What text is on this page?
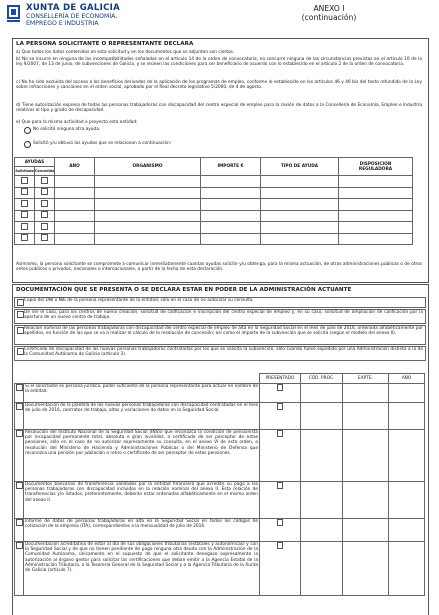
XUNTA DE GALICIA
CONSELLERÍA DE ECONOMÍA,
EMPREGO E INDUSTRIA
ANEXO I
(continuación)
LA PERSONA SOLICITANTE O REPRESENTANTE DECLARA
a) Que todos los datos contenidos en esta solicitud y en los documentos que se adjuntan son ciertos.
b) No se incurre en ninguna de las incompatibilidades señaladas en el artículo 14 de la orden de convocatoria, no concurre ninguna de las circunstancias previstas en el artículo 10 de la ley 9/2007, de 13 de junio, de subvenciones de Galicia, y se reúnen las condiciones para ser beneficiario de acuerdo con lo establecido en el artículo 2 de la orden de convocatoria.
c) No ha sido excluida del acceso a los beneficios derivados de la aplicación de los programas de empleo, conforme lo establecido en los artículos 46 y 46 bis del texto refundido de la Ley sobre infracciones y sanciones en el orden social, aprobado por el Real decreto legislativo 5/2000, de 4 de agosto.
d) Tiene autorización expresa de todas las personas trabajadoras con discapacidad del centro especial de empleo para la cesión de datos a la Consellería de Economía, Empleo e Industria relativos al tipo y grado de discapacidad.
e) Que para la misma actividad o proyecto esta entidad:
No solicitó ninguna otra ayuda.
Solicitó y/u obtuvo las ayudas que se relacionan a continuación:
AYUDAS		AÑO	ORGANISMO	IMPORTE €	TIPO DE AYUDA	DISPOSICIÓN
REGULADORA

Solicitada	Concedida					

Asimismo, la persona solicitante se compromete a comunicar inmediatamente cuantas ayudas solicite y/u obtenga, para la misma actuación, de otras administraciones públicas o de otros entes públicos o privados, nacionales o internacionales, a partir de la fecha de esta declaración.
DOCUMENTACIÓN QUE SE PRESENTA O SE DECLARA ESTAR EN PODER DE LA ADMINISTRACIÓN ACTUANTE
Copia del DNI o NIE de la persona representante de la entidad, sólo en el caso de no autorizar su consulta.
De ser el caso, para los centros de nueva creación, solicitud de calificación e inscripción del centro especial de empleo y, en su caso, solicitud de ampliación de calificación por la apertura de un nuevo centro de trabajo.
Relación nominal de las personas trabajadoras con discapacidad del centro especial de empleo de alta en la Seguridad Social en el mes de julio de 2016, ordenada alfabéticamente por apellidos, en función de las que se va a realizar el cálculo de la resolución de concesión; así como el importe de la subvención que se solicita (según el modelo del anexo II).
Certificado de discapacidad de las nuevas personas trabajadoras contratadas por los que se solicita la subvención, sólo cuando fuese expedido por una Administración distinta a la de la Comunidad Autónoma de Galicia (artículo 3).
		PRESENTADO	CÓD. PROC.	EXPTE.	AÑO
	Si el solicitante es persona jurídica, poder suficiente de la persona representante para actuar en nombre de la entidad.				
	Documentación de la plantilla de las nuevas personas trabajadoras con discapacidad contratadas en el mes de julio de 2016, contratos de trabajo, altas y variaciones de datos en la Seguridad Social.				
	Resolución del Instituto Nacional de la Seguridad Social (INSS) que reconozca la condición de pensionista por incapacidad permanente total, absoluta o gran invalidez, o certificado de ser perceptor de estas pensiones, sólo en el caso de no autorizar expresamente su consulta, en el anexo VI de esta orden, o resolución del Ministerio de Hacienda y Administraciones Públicas o del Ministerio de Defensa que reconozca una pensión por jubilación o retiro o certificado de ser perceptor de estas pensiones.				
	Documentos bancarios de transferencia validados por la entidad financiera que acredite su pago a las personas trabajadoras con discapacidad incluidos en la relación nominal del anexo II. Esta relación de transferencias y/o listados, preferentemente, deberán estar ordenadas alfabéticamente en el mismo orden del anexo II.				
	Informe de datos de personas trabajadoras en alta en la Seguridad Social en todos los códigos de cotización de la empresa (ITA), correspondientes a la mensualidad de julio de 2016.				
	Documentación acreditativa de estar al día de sus obligaciones tributarias (estatales y autonómicas) y con la Seguridad Social y de que no tienen pendiente de pago ninguna otra deuda con la Administración de la Comunidad Autónoma, únicamente en el supuesto de que el solicitante denegase expresamente la autorización al órgano gestor para solicitar las certificaciones que deban emitir a la Agencia Estatal de la Administración Tributaria, a la Tesorería General de la Seguridad Social y a la Agencia Tributaria de la Xunta de Galicia (artículo 7).				
